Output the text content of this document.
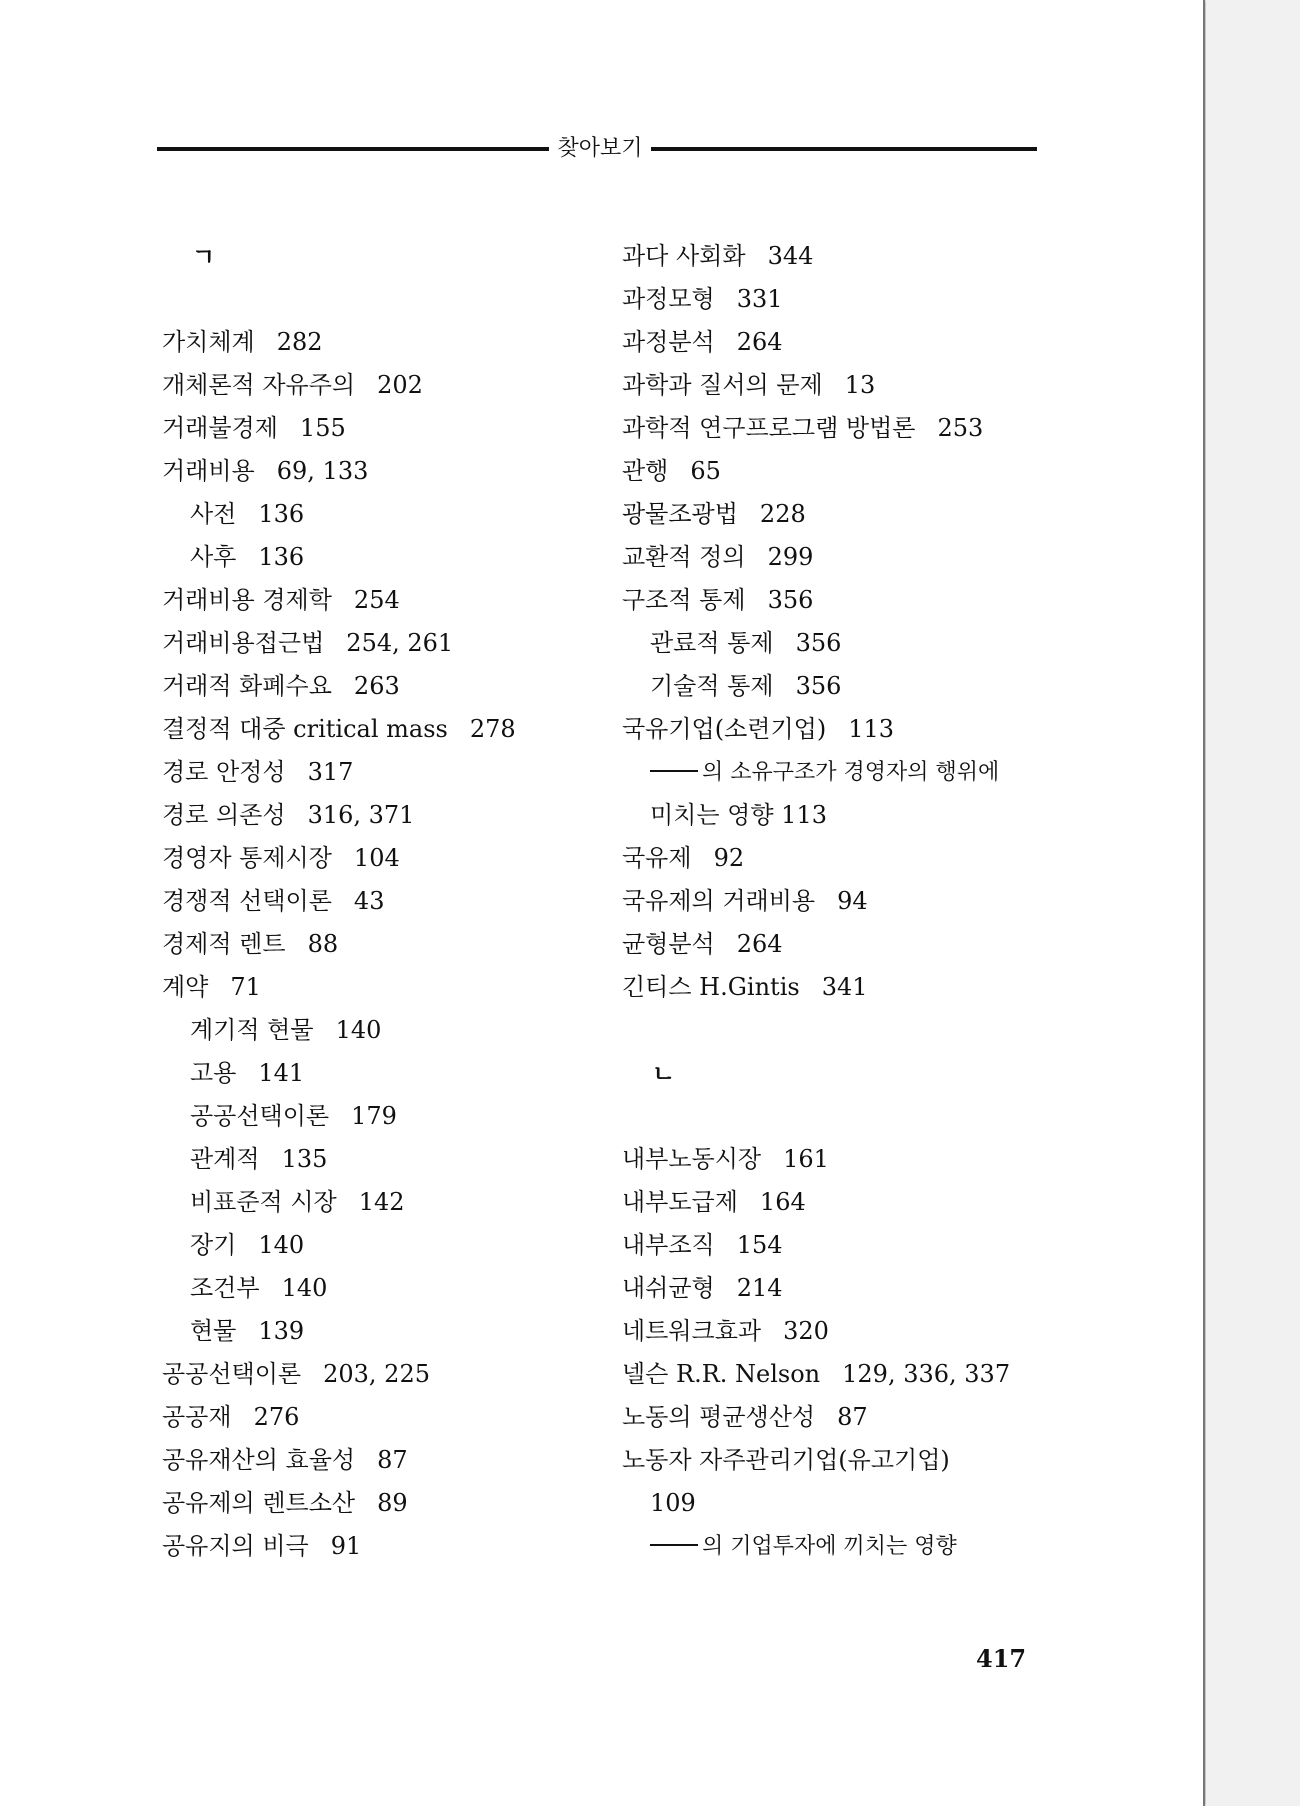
찾아보기
ㄱ
가치체계 282
개체론적 자유주의 202
거래불경제 155
거래비용 69, 133
사전 136
사후 136
거래비용 경제학 254
거래비용접근법 254, 261
거래적 화폐수요 263
결정적 대중 critical mass 278
경로 안정성 317
경로 의존성 316, 371
경영자 통제시장 104
경쟁적 선택이론 43
경제적 렌트 88
계약 71
계기적 현물 140
고용 141
공공선택이론 179
관계적 135
비표준적 시장 142
장기 140
조건부 140
현물 139
공공선택이론 203, 225
공공재 276
공유재산의 효율성 87
공유제의 렌트소산 89
공유지의 비극 91
과다 사회화 344
과정모형 331
과정분석 264
과학과 질서의 문제 13
과학적 연구프로그램 방법론 253
관행 65
광물조광법 228
교환적 정의 299
구조적 통제 356
관료적 통제 356
기술적 통제 356
국유기업(소련기업) 113
의 소유구조가 경영자의 행위에
미치는 영향 113
국유제 92
국유제의 거래비용 94
균형분석 264
긴티스 H.Gintis 341
ㄴ
내부노동시장 161
내부도급제 164
내부조직 154
내쉬균형 214
네트워크효과 320
넬슨 R.R. Nelson 129, 336, 337
노동의 평균생산성 87
노동자 자주관리기업(유고기업)
109
의 기업투자에 끼치는 영향
417
